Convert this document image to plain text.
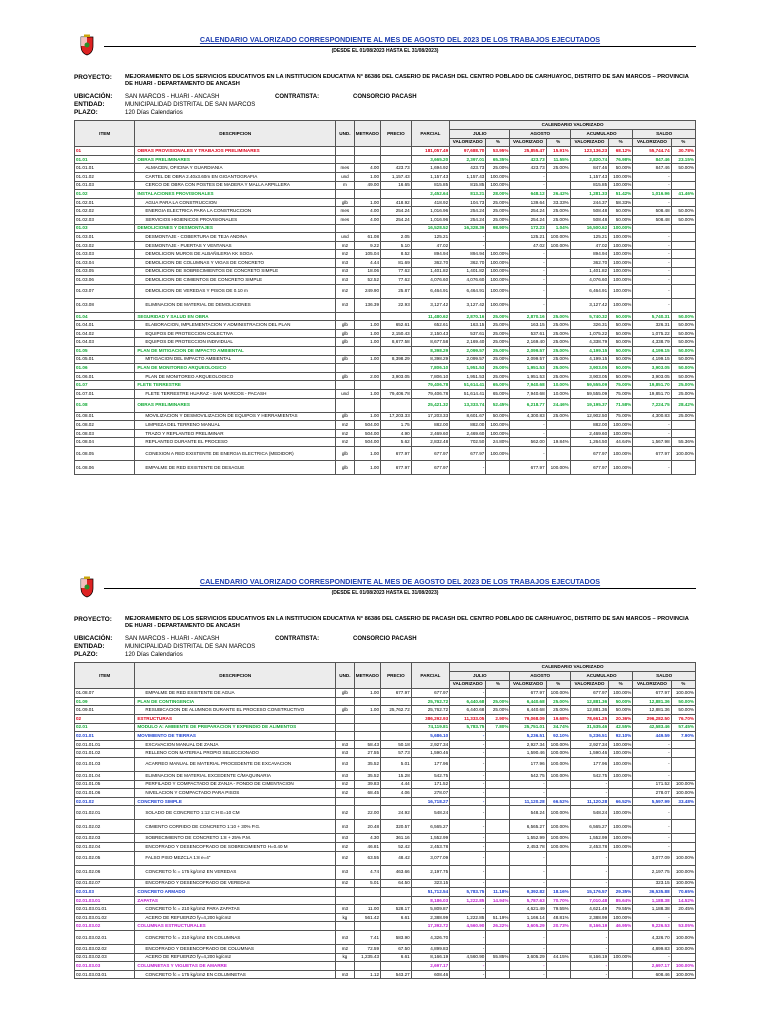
CALENDARIO VALORIZADO CORRESPONDIENTE AL MES DE AGOSTO DEL 2023 DE LOS TRABAJOS EJECUTADOS
(DESDE EL 01/08/2023 HASTA EL 31/08/2023)
PROYECTO:	MEJORAMIENTO DE LOS SERVICIOS EDUCATIVOS EN LA INSTITUCION EDUCATIVA N° 86386 DEL CASERIO DE PACASH DEL CENTRO POBLADO DE CARHUAYOC, DISTRITO DE SAN MARCOS – PROVINCIA DE HUARI - DEPARTAMENTO DE ANCASH
UBICACIÓN:	SAN MARCOS - HUARI - ANCASH	CONTRATISTA:	CONSORCIO PACASH
ENTIDAD:	MUNICIPALIDAD DISTRITAL DE SAN MARCOS
PLAZO:	120 Días Calendarios
ITEM	DESCRIPCION	UND.	METRADO	PRECIO	PARCIAL	CALENDARIO VALORIZADO							
						JULIO		AGOSTO		ACUMULADO		SALDO	
						VALORIZADO	%	VALORIZADO	%	VALORIZADO	%	VALORIZADO	%
01	OBRAS PROVISIONALES Y TRABAJOS PRELIMINARES				181,057.49	97,688.70	53.95%	25,855.47	15.91%	123,136.23	68.12%	55,744.74	30.78%
01.01	OBRAS PRELIMINARES				3,665.20	2,397.01	65.35%	423.73	11.55%	2,820.74	76.98%	847.46	23.15%
01.01.01	ALMACEN, OFICINA Y GUARDIANIA	mes	4.00	423.73	1,694.92	423.73	25.00%	423.73	25.00%	847.46	50.00%	847.46	50.00%
01.01.02	CARTEL DE OBRA 2.40x3.60m EN GIGANTOGRAFIA	und	1.00	1,157.43	1,157.43	1,157.43	100.00%	-		1,157.43	100.00%	-	
01.01.03	CERCO DE OBRA CON POSTES DE MADERA Y MALLA ARPILLERA	m	49.00	16.65	815.85	815.85	100.00%	-		815.85	100.00%	-	
01.02	INSTALACIONES PROVISIONALES				2,452.64	813.21	28.00%	648.12	26.42%	1,281.33	51.42%	1,016.96	41.46%
01.02.01	AGUA PARA LA CONSTRUCCION	glb	1.00	418.92	418.92	104.73	25.00%	139.64	33.33%	244.37	58.33%	-	
01.02.02	ENERGIA ELECTRICA PARA LA CONSTRUCCION	mes	4.00	254.24	1,016.96	254.24	25.00%	254.24	25.00%	508.48	50.00%	508.48	50.00%
01.02.03	SERVICIOS HIGIENICOS PROVISIONALES	mes	4.00	254.24	1,016.96	254.24	25.00%	254.24	25.00%	508.48	50.00%	508.48	50.00%
01.03	DEMOLICIONES Y DESMONTAJES				16,528.52	16,328.39	98.90%	172.23	1.04%	16,500.62	100.00%		
01.03.01	DESMONTAJE - COBERTURA DE TEJA ANDINA	und	61.08	2.05	125.21	-		125.21	100.00%	125.21	100.00%	-	
01.03.02	DESMONTAJE - PUERTAS Y VENTANAS	m2	9.22	5.10	47.02	-		47.02	100.00%	47.02	100.00%	-	
01.03.03	DEMOLICION MUROS DE ALBAÑILERIA KK SOGA	m2	105.04	8.52	894.94	894.94	100.00%	-		894.94	100.00%	-	
01.03.04	DEMOLICION DE COLUMNAS Y VIGAS DE CONCRETO	m3	4.44	81.69	362.70	362.70	100.00%	-		362.70	100.00%	-	
01.03.05	DEMOLICION DE SOBRECIMIENTOS DE CONCRETO SIMPLE	m3	18.06	77.62	1,401.82	1,401.82	100.00%	-		1,401.82	100.00%	-	
01.03.06	DEMOLICION DE CIMIENTOS DE CONCRETO SIMPLE	m3	52.52	77.62	4,076.60	4,076.60	100.00%	-		4,076.60	100.00%	-	
01.03.07	DEMOLICION DE VEREDAS Y PISOS DE 0.10 m	m2	249.90	25.87	6,464.91	6,464.91	100.00%	-		6,464.91	100.00%	-	
01.03.08	ELIMINACION DE MATERIAL DE DEMOLICIONES	m3	136.39	22.93	3,127.42	3,127.42	100.00%	-		3,127.42	100.00%	-	
01.04	SEGURIDAD Y SALUD EN OBRA				11,480.62	2,870.16	25.00%	2,870.16	25.00%	5,740.32	50.00%	5,740.31	50.00%
01.04.01	ELABORACION, IMPLEMENTACION Y ADMINISTRACION DEL PLAN	glb	1.00	652.61	652.61	163.15	25.00%	163.15	25.00%	326.31	50.00%	326.31	50.00%
01.04.02	EQUIPOS DE PROTECCION COLECTIVA	glb	1.00	2,150.43	2,150.43	537.61	25.00%	537.61	25.00%	1,075.22	50.00%	1,075.22	50.00%
01.04.03	EQUIPOS DE PROTECCION INDIVIDUAL	glb	1.00	8,677.58	8,677.58	2,169.40	25.00%	2,169.40	25.00%	4,338.79	50.00%	4,338.79	50.00%
01.05	PLAN DE MITIGACION DE IMPACTO AMBIENTAL				8,398.29	2,099.57	25.00%	2,099.57	25.00%	4,199.15	50.00%	4,199.15	50.00%
01.05.01	MITIGACION DEL IMPACTO AMBIENTAL	glb	1.00	8,398.29	8,398.29	2,099.57	25.00%	2,099.57	25.00%	4,199.15	50.00%	4,199.15	50.00%
01.06	PLAN DE MONITOREO ARQUEOLOGICO				7,806.10	1,951.53	25.00%	1,951.53	25.00%	3,903.05	50.00%	3,903.05	50.00%
01.06.01	PLAN DE MONITOREO ARQUEOLOGICO	glb	2.00	3,903.05	7,806.10	1,951.53	25.00%	1,951.53	25.00%	3,903.05	50.00%	3,903.05	50.00%
01.07	FLETE TERRESTRE				79,406.78	51,614.41	65.00%	7,940.68	10.00%	59,555.09	75.00%	19,851.70	25.00%
01.07.01	FLETE TERRESTRE HUARAZ - SAN MARCOS - PACASH	und	1.00	79,406.78	79,406.78	51,614.41	65.00%	7,940.68	10.00%	59,555.09	75.00%	19,851.70	25.00%
01.08	OBRAS PRELIMINARES				25,421.32	13,333.74	52.45%	6,218.77	24.46%	19,195.37	71.58%	7,224.75	28.42%
01.08.01	MOVILIZACION Y DESMOVILIZACION DE EQUIPOS Y HERRAMIENTAS	glb	1.00	17,203.33	17,203.33	8,601.67	50.00%	4,300.83	25.00%	12,902.50	75.00%	4,300.83	25.00%
01.08.02	LIMPIEZA DEL TERRENO MANUAL	m2	504.00	1.75	882.00	882.00	100.00%	-		882.00	100.00%	-	
01.08.03	TRAZO Y REPLANTEO PRELIMINAR	m2	504.00	4.90	2,469.60	2,469.60	100.00%	-		2,469.60	100.00%	-	
01.08.04	REPLANTEO DURANTE EL PROCESO	m2	504.00	5.62	2,832.48	702.50	24.80%	562.00	19.84%	1,264.50	44.64%	1,567.98	55.36%
01.08.05	CONEXION A RED EXISTENTE DE ENERGIA ELECTRICA (MEDIDOR)	glb	1.00	677.97	677.97	677.97	100.00%	-		677.97	100.00%	677.97	100.00%
01.08.06	EMPALME DE RED EXISTENTE DE DESAGUE	glb	1.00	677.97	677.97	-		677.97	100.00%	677.97	100.00%	-	
CALENDARIO VALORIZADO CORRESPONDIENTE AL MES DE AGOSTO DEL 2023 DE LOS TRABAJOS EJECUTADOS
(DESDE EL 01/08/2023 HASTA EL 31/08/2023)
PROYECTO:	MEJORAMIENTO DE LOS SERVICIOS EDUCATIVOS EN LA INSTITUCION EDUCATIVA N° 86386 DEL CASERIO DE PACASH DEL CENTRO POBLADO DE CARHUAYOC, DISTRITO DE SAN MARCOS – PROVINCIA DE HUARI - DEPARTAMENTO DE ANCASH
UBICACIÓN:	SAN MARCOS - HUARI - ANCASH	CONTRATISTA:	CONSORCIO PACASH
ENTIDAD:	MUNICIPALIDAD DISTRITAL DE SAN MARCOS
PLAZO:	120 Días Calendarios
ITEM	DESCRIPCION	UND.	METRADO	PRECIO	PARCIAL	CALENDARIO VALORIZADO							
						JULIO		AGOSTO		ACUMULADO		SALDO	
						VALORIZADO	%	VALORIZADO	%	VALORIZADO	%	VALORIZADO	%
01.08.07	EMPALME DE RED EXISTENTE DE AGUA	glb	1.00	677.97	677.97	-		677.97	100.00%	677.97	100.00%	677.97	100.00%
01.09	PLAN DE CONTINGENCIA				25,762.72	6,440.68	25.00%	6,440.68	25.00%	12,881.36	50.00%	12,881.36	50.00%
01.09.01	RESUBICACION DE ALUMNOS DURANTE EL PROCESO CONSTRUCTIVO	glb	1.00	25,762.72	25,762.72	6,440.68	25.00%	6,440.68	25.00%	12,881.36	50.00%	12,881.36	50.00%
02	ESTRUCTURAS				386,292.93	11,333.05	2.90%	79,068.09	19.68%	78,661.25	20.36%	296,282.50	76.70%
02.01	MODULO A: AMBIENTE DE PREPARACION Y EXPENDIO DE ALIMENTOS				74,119.81	5,783.75	7.80%	25,751.01	34.74%	31,535.46	42.55%	42,583.46	57.45%
02.01.01	MOVIMIENTO DE TIERRAS				5,686.10	-		5,236.51	92.10%	5,236.51	92.10%	449.59	7.90%
02.01.01.01	EXCAVACION MANUAL DE ZANJA	m3	58.43	50.18	2,927.34	-		2,927.34	100.00%	2,927.34	100.00%	-	
02.01.01.02	RELLENO CON MATERIAL PROPIO SELECCIONADO	m3	27.55	57.73	1,590.46	-		1,590.46	100.00%	1,590.46	100.00%	-	
02.01.01.03	ACARREO MANUAL DE MATERIAL PROCEDENTE DE EXCAVACION	m3	35.52	5.01	177.96	-		177.96	100.00%	177.96	100.00%	-	
02.01.01.04	ELIMINACION DE MATERIAL EXCEDENTE C/MAQUINARIA	m3	35.52	15.28	542.75	-		542.75	100.00%	542.75	100.00%	-	
02.01.01.05	PERFILADO Y COMPACTADO DE ZANJA - FONDO DE CIMENTACION	m2	39.83	4.44	171.52	-		-		-		171.52	100.00%
02.01.01.06	NIVELACION Y COMPACTADO PARA PISOS	m2	68.45	4.06	278.07	-		-		-		278.07	100.00%
02.01.02	CONCRETO SIMPLE				16,718.27	-		11,120.28	66.52%	11,120.28	66.52%	5,597.99	33.48%
02.01.02.01	SOLADO DE CONCRETO 1:12 C:H E=10 CM	m2	22.00	24.92	548.24	-		548.24	100.00%	548.24	100.00%	-	
02.01.02.02	CIMIENTO CORRIDO DE CONCRETO 1:10 + 30% P.G.	m3	20.48	320.57	6,565.27	-		6,565.27	100.00%	6,565.27	100.00%	-	
02.01.02.03	SOBRECIMIENTO DE CONCRETO 1:8 + 25% P.M.	m3	4.30	361.16	1,552.99	-		1,552.99	100.00%	1,552.99	100.00%	-	
02.01.02.04	ENCOFRADO Y DESENCOFRADO DE SOBRECIMIENTO H=0.40 M	m2	46.81	52.42	2,453.78	-		2,453.78	100.00%	2,453.78	100.00%	-	
02.01.02.05	FALSO PISO MEZCLA 1:8 e=4"	m2	63.55	48.42	3,077.09	-		-		-		3,077.09	100.00%
02.01.02.06	CONCRETO fc = 175 kg/cm2 EN VEREDAS	m3	4.74	463.66	2,197.75	-		-		-		2,197.75	100.00%
02.01.02.07	ENCOFRADO Y DESENCOFRADO DE VEREDAS	m2	5.01	64.50	323.15	-		-		-		323.15	100.00%
02.01.03	CONCRETO ARMADO				51,712.54	5,783.75	11.18%	9,392.82	18.16%	15,176.57	29.35%	36,535.88	70.65%
02.01.03.01	ZAPATAS				8,186.03	1,222.85	14.94%	5,787.63	70.70%	7,010.48	85.64%	1,188.38	14.52%
02.01.03.01.01	CONCRETO fc = 210 kg/cm2 PARA ZAPATAS	m3	11.00	528.17	5,809.87	-		4,621.49	79.55%	4,621.49	79.55%	1,188.38	20.45%
02.01.03.01.02	ACERO DE REFUERZO fy=4,200 kg/cm2	kg	561.42	6.61	2,388.99	1,222.85	51.19%	1,166.14	48.81%	2,388.99	100.00%	-	
02.01.03.02	COLUMNAS ESTRUCTURALES				17,392.72	4,560.90	26.22%	3,605.29	20.73%	8,166.19	46.95%	9,226.53	53.05%
02.01.03.02.01	CONCRETO fc = 210 kg/cm2 EN COLUMNAS	m3	7.41	583.90	4,326.70	-		-		-		4,326.70	100.00%
02.01.03.02.02	ENCOFRADO Y DESENCOFRADO DE COLUMNAS	m2	72.59	67.50	4,899.83	-		-		-		4,899.83	100.00%
02.01.03.02.03	ACERO DE REFUERZO fy=4,200 kg/cm2	kg	1,235.43	6.61	8,166.19	4,560.90	55.85%	3,605.29	44.15%	8,166.19	100.00%	-	
02.01.03.03	COLUMNETAS Y VIGUETAS DE AMARRE				2,697.17	-		-		-		2,697.17	100.00%
02.01.03.03.01	CONCRETO fc = 175 kg/cm2 EN COLUMNETAS	m3	1.12	543.27	608.46	-		-		-		608.46	100.00%
